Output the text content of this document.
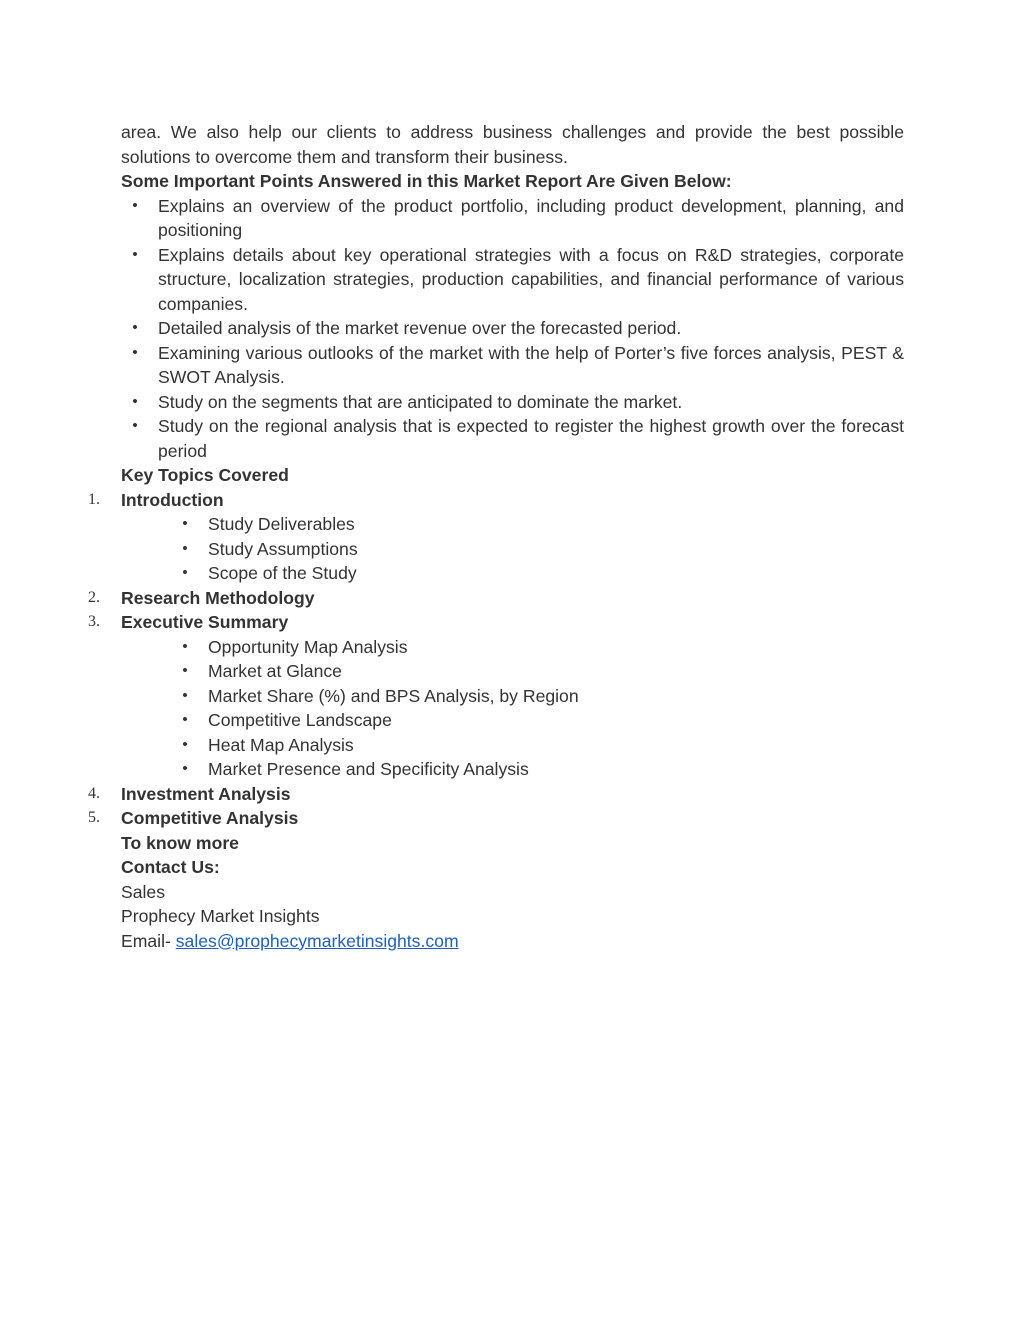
area. We also help our clients to address business challenges and provide the best possible solutions to overcome them and transform their business.

Some Important Points Answered in this Market Report Are Given Below:

• Explains an overview of the product portfolio, including product development, planning, and positioning
• Explains details about key operational strategies with a focus on R&D strategies, corporate structure, localization strategies, production capabilities, and financial performance of various companies.
• Detailed analysis of the market revenue over the forecasted period.
• Examining various outlooks of the market with the help of Porter’s five forces analysis, PEST & SWOT Analysis.
• Study on the segments that are anticipated to dominate the market.
• Study on the regional analysis that is expected to register the highest growth over the forecast period

Key Topics Covered

1. Introduction
• Study Deliverables
• Study Assumptions
• Scope of the Study
2. Research Methodology
3. Executive Summary
• Opportunity Map Analysis
• Market at Glance
• Market Share (%) and BPS Analysis, by Region
• Competitive Landscape
• Heat Map Analysis
• Market Presence and Specificity Analysis
4. Investment Analysis
5. Competitive Analysis

To know more

Contact Us:

Sales

Prophecy Market Insights

Email- sales@prophecymarketinsights.com
